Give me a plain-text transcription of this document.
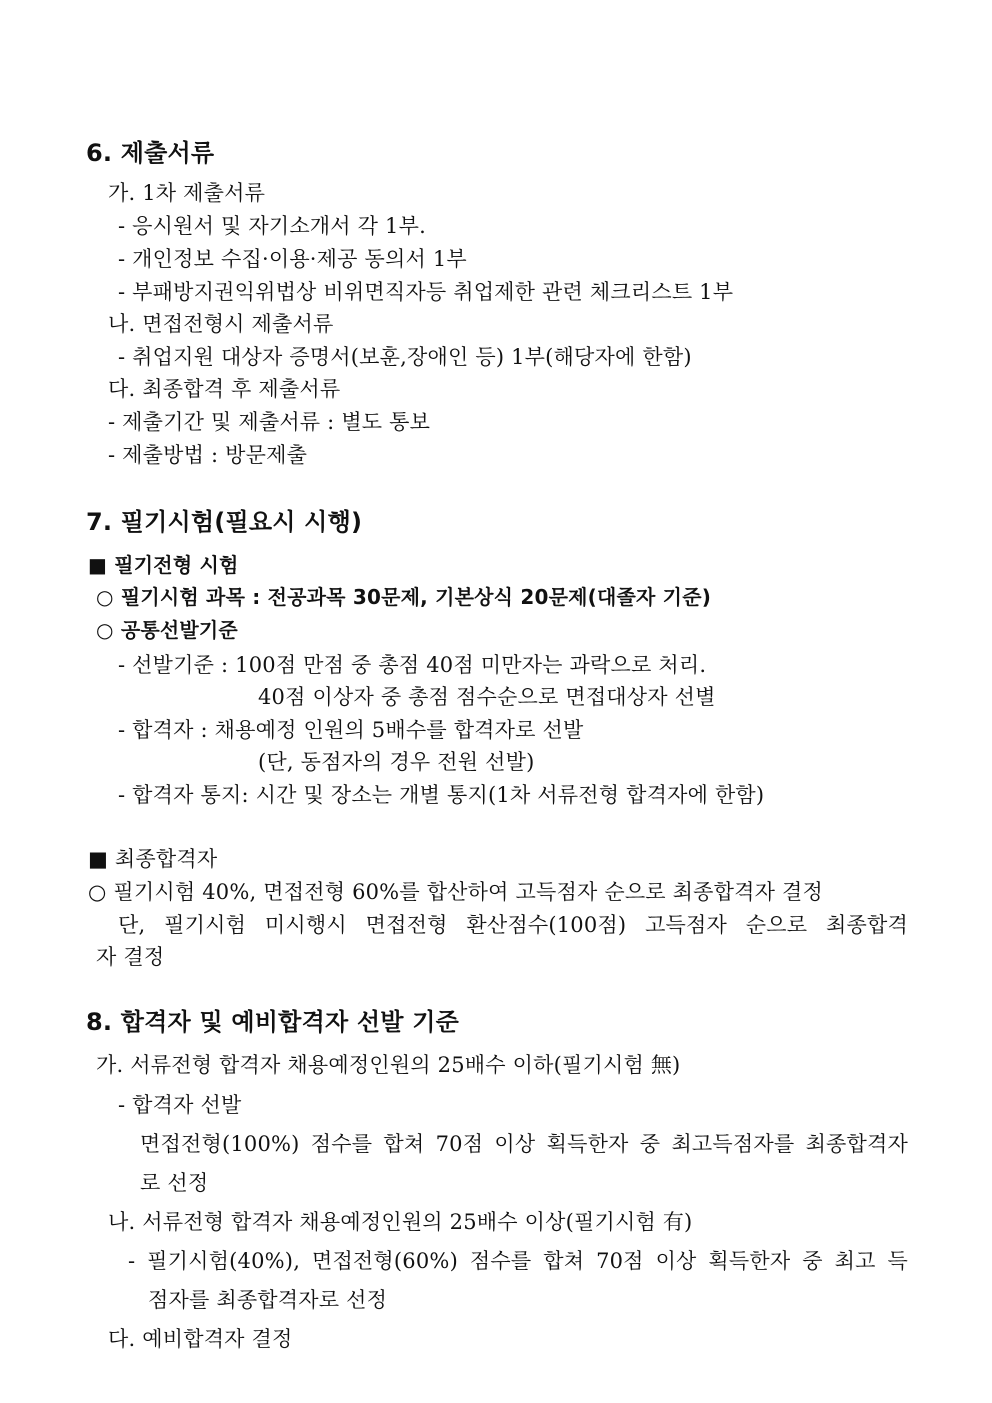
6. 제출서류
가. 1차 제출서류
- 응시원서 및 자기소개서 각 1부.
- 개인정보 수집·이용·제공 동의서 1부
- 부패방지권익위법상 비위면직자등 취업제한 관련 체크리스트 1부
나. 면접전형시 제출서류
- 취업지원 대상자 증명서(보훈,장애인 등) 1부(해당자에 한함)
다. 최종합격 후 제출서류
- 제출기간 및 제출서류 : 별도 통보
- 제출방법 : 방문제출
7. 필기시험(필요시 시행)
■ 필기전형 시험
○ 필기시험 과목 : 전공과목 30문제, 기본상식 20문제(대졸자 기준)
○ 공통선발기준
- 선발기준 : 100점 만점 중 총점 40점 미만자는 과락으로 처리.
40점 이상자 중 총점 점수순으로 면접대상자 선별
- 합격자 : 채용예정 인원의 5배수를 합격자로 선발
(단, 동점자의 경우 전원 선발)
- 합격자 통지: 시간 및 장소는 개별 통지(1차 서류전형 합격자에 한함)
■ 최종합격자
○ 필기시험 40%, 면접전형 60%를 합산하여 고득점자 순으로 최종합격자 결정
단, 필기시험 미시행시 면접전형 환산점수(100점) 고득점자 순으로 최종합격
자 결정
8. 합격자 및 예비합격자 선발 기준
가. 서류전형 합격자 채용예정인원의 25배수 이하(필기시험 無)
- 합격자 선발
면접전형(100%) 점수를 합쳐 70점 이상 획득한자 중 최고득점자를 최종합격자
로 선정
나. 서류전형 합격자 채용예정인원의 25배수 이상(필기시험 有)
- 필기시험(40%), 면접전형(60%) 점수를 합쳐 70점 이상 획득한자 중 최고 득
점자를 최종합격자로 선정
다. 예비합격자 결정
